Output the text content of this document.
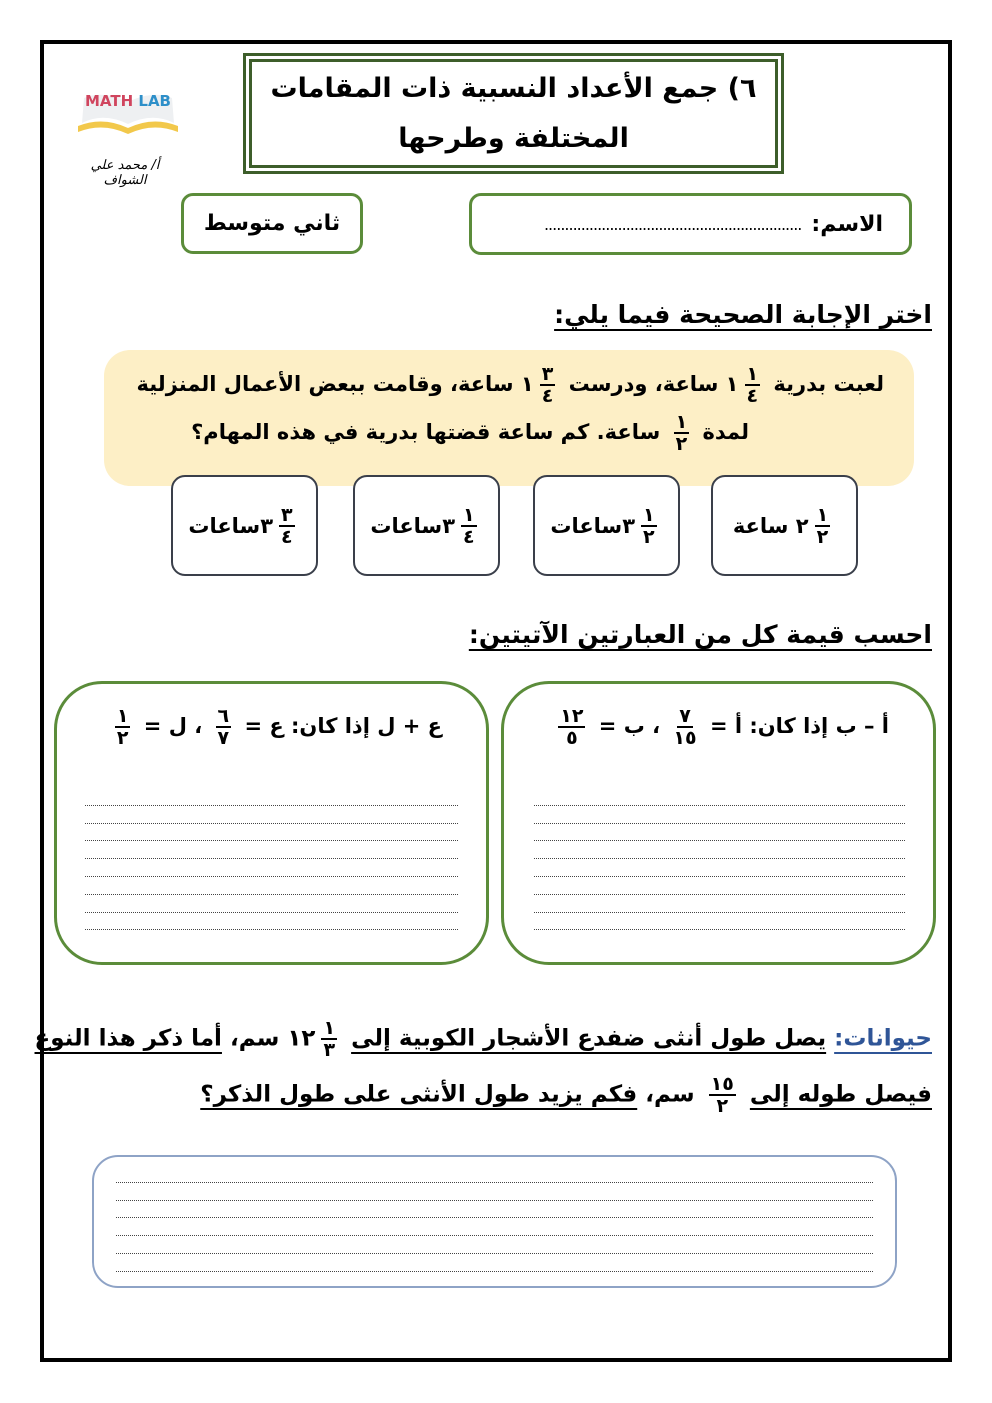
MATH LAB
أ/ محمد علي الشواف
٦) جمع الأعداد النسبية ذات المقامات
المختلفة وطرحها
ثاني متوسط	الاسم:
...............................................................
اختر الإجابة الصحيحة فيما يلي:
لعبت بدرية
$\frac{١}{٤}$
١ ساعة، ودرست
$\frac{٣}{٤}$
١ ساعة، وقامت ببعض الأعمال المنزلية
لمدة
$\frac{١}{٢}$
ساعة. كم ساعة قضتها بدرية في هذه المهام؟
$\frac{١}{٢}$
٢

ساعة
$\frac{١}{٢}$
٣
ساعات
$\frac{١}{٤}$
٣
ساعات
$\frac{٣}{٤}$
٣
ساعات
احسب قيمة كل من العبارتين الآتيتين:
أ – ب إذا كان: أ =
$\frac{٧}{١٥}$
، ب =
$\frac{١٢}{٥}$
ع + ل إذا كان: ع =
$\frac{٦}{٧}$
، ل =
$\frac{١}{٢}$
حيوانات: يصل طول أنثى ضفدع الأشجار الكوبية إلى
$\frac{١}{٣}$
١٢ سم، أما ذكر هذا النوع
فيصل طوله إلى
$\frac{١٥}{٢}$
سم، فكم يزيد طول الأنثى على طول الذكر؟
